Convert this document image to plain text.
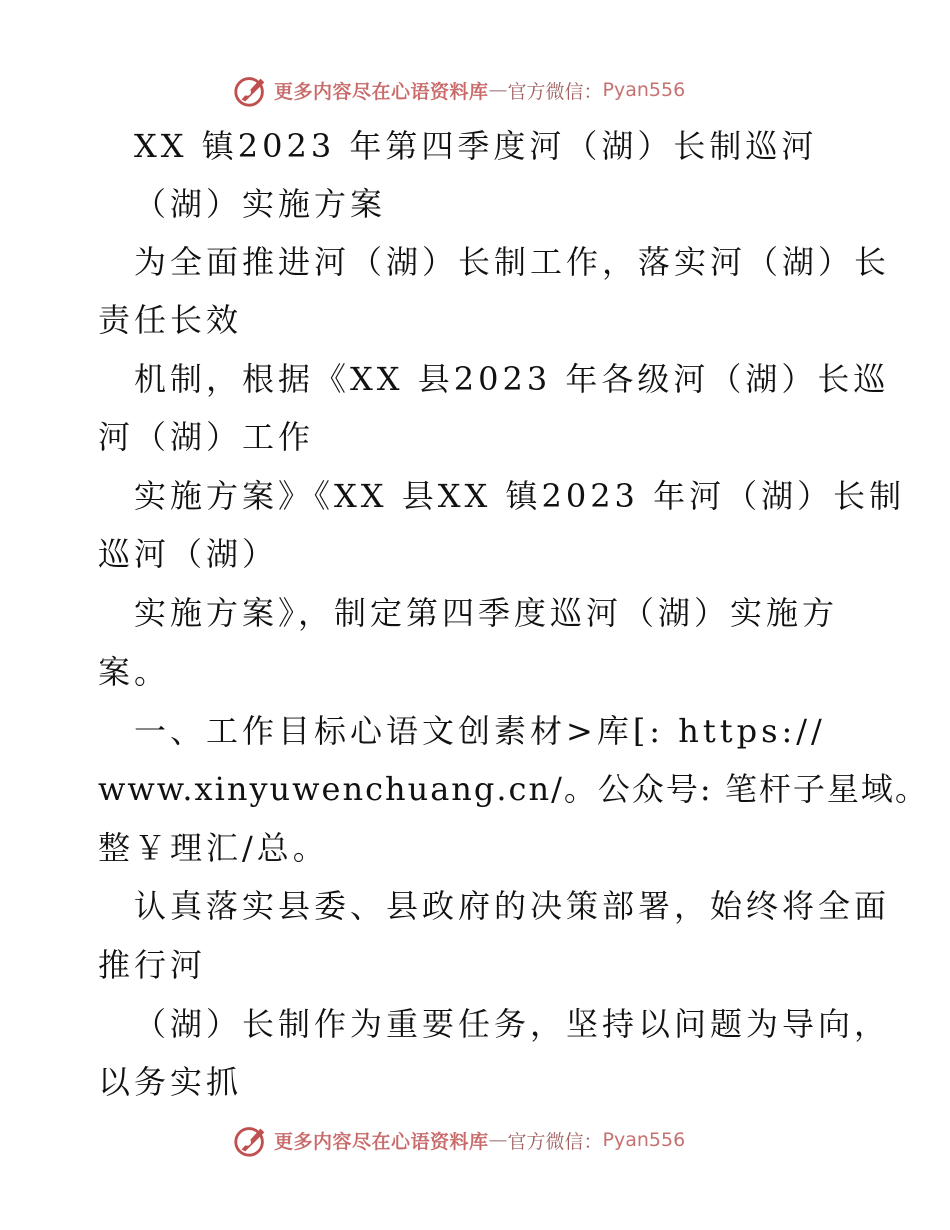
更多内容尽在心语资料库 — 官方微信： Pyan556
XX 镇2023 年第四季度河（湖）长制巡河
（湖）实施方案
为全面推进河（湖）长制工作，落实河（湖）长
责任长效
机制，根据《XX 县2023 年各级河（湖）长巡
河（湖）工作
实施方案》《XX 县XX 镇2023 年河（湖）长制
巡河（湖）
实施方案》，制定第四季度巡河（湖）实施方
案。
一、工作目标心语文创素材>库[: https://
www.xinyuwenchuang.cn/。公众号: 笔杆子星域。
整￥理汇/总。
认真落实县委、县政府的决策部署，始终将全面
推行河
（湖）长制作为重要任务，坚持以问题为导向，
以务实抓
更多内容尽在心语资料库 — 官方微信： Pyan556
